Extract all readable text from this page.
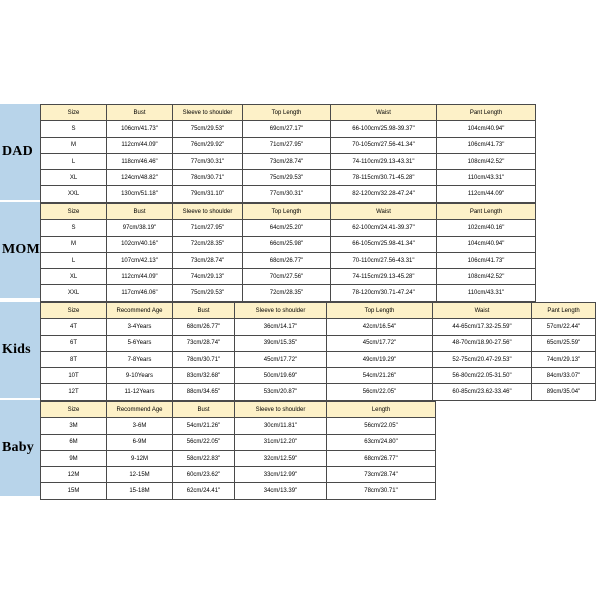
DAD
Size	Bust	Sleeve to shoulder	Top Length	Waist	Pant Length
S	106cm/41.73"	75cm/29.53"	69cm/27.17"	66-100cm/25.98-39.37"	104cm/40.94"
M	112cm/44.09"	76cm/29.92"	71cm/27.95"	70-105cm/27.56-41.34"	106cm/41.73"
L	118cm/46.46"	77cm/30.31"	73cm/28.74"	74-110cm/29.13-43.31"	108cm/42.52"
XL	124cm/48.82"	78cm/30.71"	75cm/29.53"	78-115cm/30.71-45.28"	110cm/43.31"
XXL	130cm/51.18"	79cm/31.10"	77cm/30.31"	82-120cm/32.28-47.24"	112cm/44.09"
MOM
Size	Bust	Sleeve to shoulder	Top Length	Waist	Pant Length
S	97cm/38.19"	71cm/27.95"	64cm/25.20"	62-100cm/24.41-39.37"	102cm/40.16"
M	102cm/40.16"	72cm/28.35"	66cm/25.98"	66-105cm/25.98-41.34"	104cm/40.94"
L	107cm/42.13"	73cm/28.74"	68cm/26.77"	70-110cm/27.56-43.31"	106cm/41.73"
XL	112cm/44.09"	74cm/29.13"	70cm/27.56"	74-115cm/29.13-45.28"	108cm/42.52"
XXL	117cm/46.06"	75cm/29.53"	72cm/28.35"	78-120cm/30.71-47.24"	110cm/43.31"
Kids
Size	Recommend Age	Bust	Sleeve to shoulder	Top Length	Waist	Pant Length
4T	3-4Years	68cm/26.77"	36cm/14.17"	42cm/16.54"	44-65cm/17.32-25.59"	57cm/22.44"
6T	5-6Years	73cm/28.74"	39cm/15.35"	45cm/17.72"	48-70cm/18.90-27.56"	65cm/25.59"
8T	7-8Years	78cm/30.71"	45cm/17.72"	49cm/19.29"	52-75cm/20.47-29.53"	74cm/29.13"
10T	9-10Years	83cm/32.68"	50cm/19.69"	54cm/21.26"	56-80cm/22.05-31.50"	84cm/33.07"
12T	11-12Years	88cm/34.65"	53cm/20.87"	56cm/22.05"	60-85cm/23.62-33.46"	89cm/35.04"
Baby
Size	Recommend Age	Bust	Sleeve to shoulder	Length
3M	3-6M	54cm/21.26"	30cm/11.81"	56cm/22.05"
6M	6-9M	56cm/22.05"	31cm/12.20"	63cm/24.80"
9M	9-12M	58cm/22.83"	32cm/12.59"	68cm/26.77"
12M	12-15M	60cm/23.62"	33cm/12.99"	73cm/28.74"
15M	15-18M	62cm/24.41"	34cm/13.39"	78cm/30.71"
